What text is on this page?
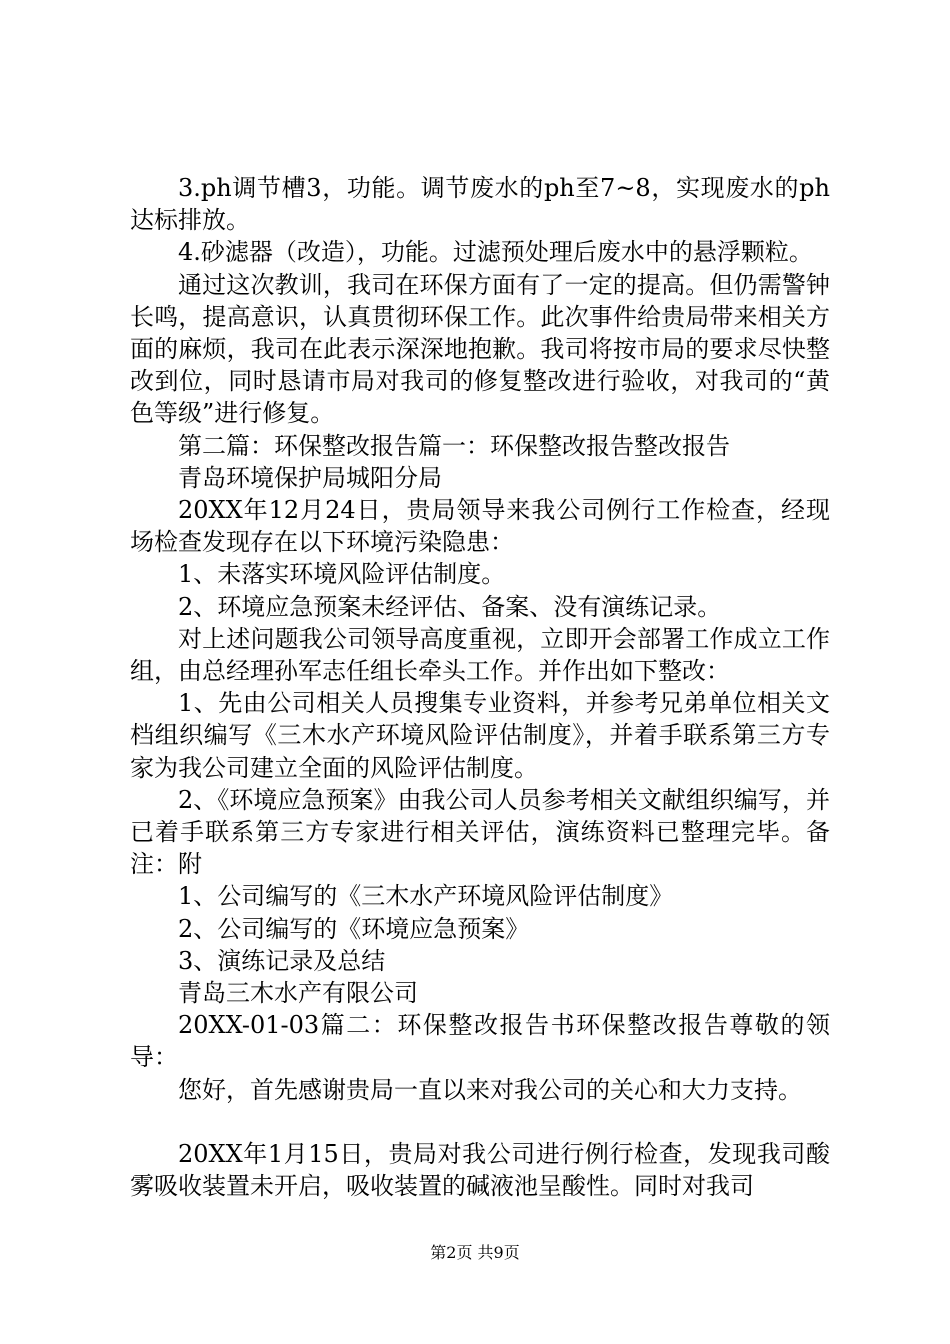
3.ph调节槽3，功能。调节废水的ph至7~8，实现废水的ph达标排放。

4.砂滤器（改造），功能。过滤预处理后废水中的悬浮颗粒。

通过这次教训，我司在环保方面有了一定的提高。但仍需警钟长鸣，提高意识，认真贯彻环保工作。此次事件给贵局带来相关方面的麻烦，我司在此表示深深地抱歉。我司将按市局的要求尽快整改到位，同时恳请市局对我司的修复整改进行验收，对我司的“黄色等级”进行修复。

第二篇：环保整改报告篇一：环保整改报告整改报告

青岛环境保护局城阳分局

20XX年12月24日，贵局领导来我公司例行工作检查，经现场检查发现存在以下环境污染隐患：

1、未落实环境风险评估制度。

2、环境应急预案未经评估、备案、没有演练记录。

对上述问题我公司领导高度重视，立即开会部署工作成立工作组，由总经理孙军志任组长牵头工作。并作出如下整改：

1、先由公司相关人员搜集专业资料，并参考兄弟单位相关文档组织编写《三木水产环境风险评估制度》，并着手联系第三方专家为我公司建立全面的风险评估制度。

2、《环境应急预案》由我公司人员参考相关文献组织编写，并已着手联系第三方专家进行相关评估，演练资料已整理完毕。备注：附

1、公司编写的《三木水产环境风险评估制度》

2、公司编写的《环境应急预案》

3、演练记录及总结

青岛三木水产有限公司

20XX-01-03篇二：环保整改报告书环保整改报告尊敬的领导：

您好，首先感谢贵局一直以来对我公司的关心和大力支持。

20XX年1月15日，贵局对我公司进行例行检查，发现我司酸雾吸收装置未开启，吸收装置的碱液池呈酸性。同时对我司

第2页 共9页
